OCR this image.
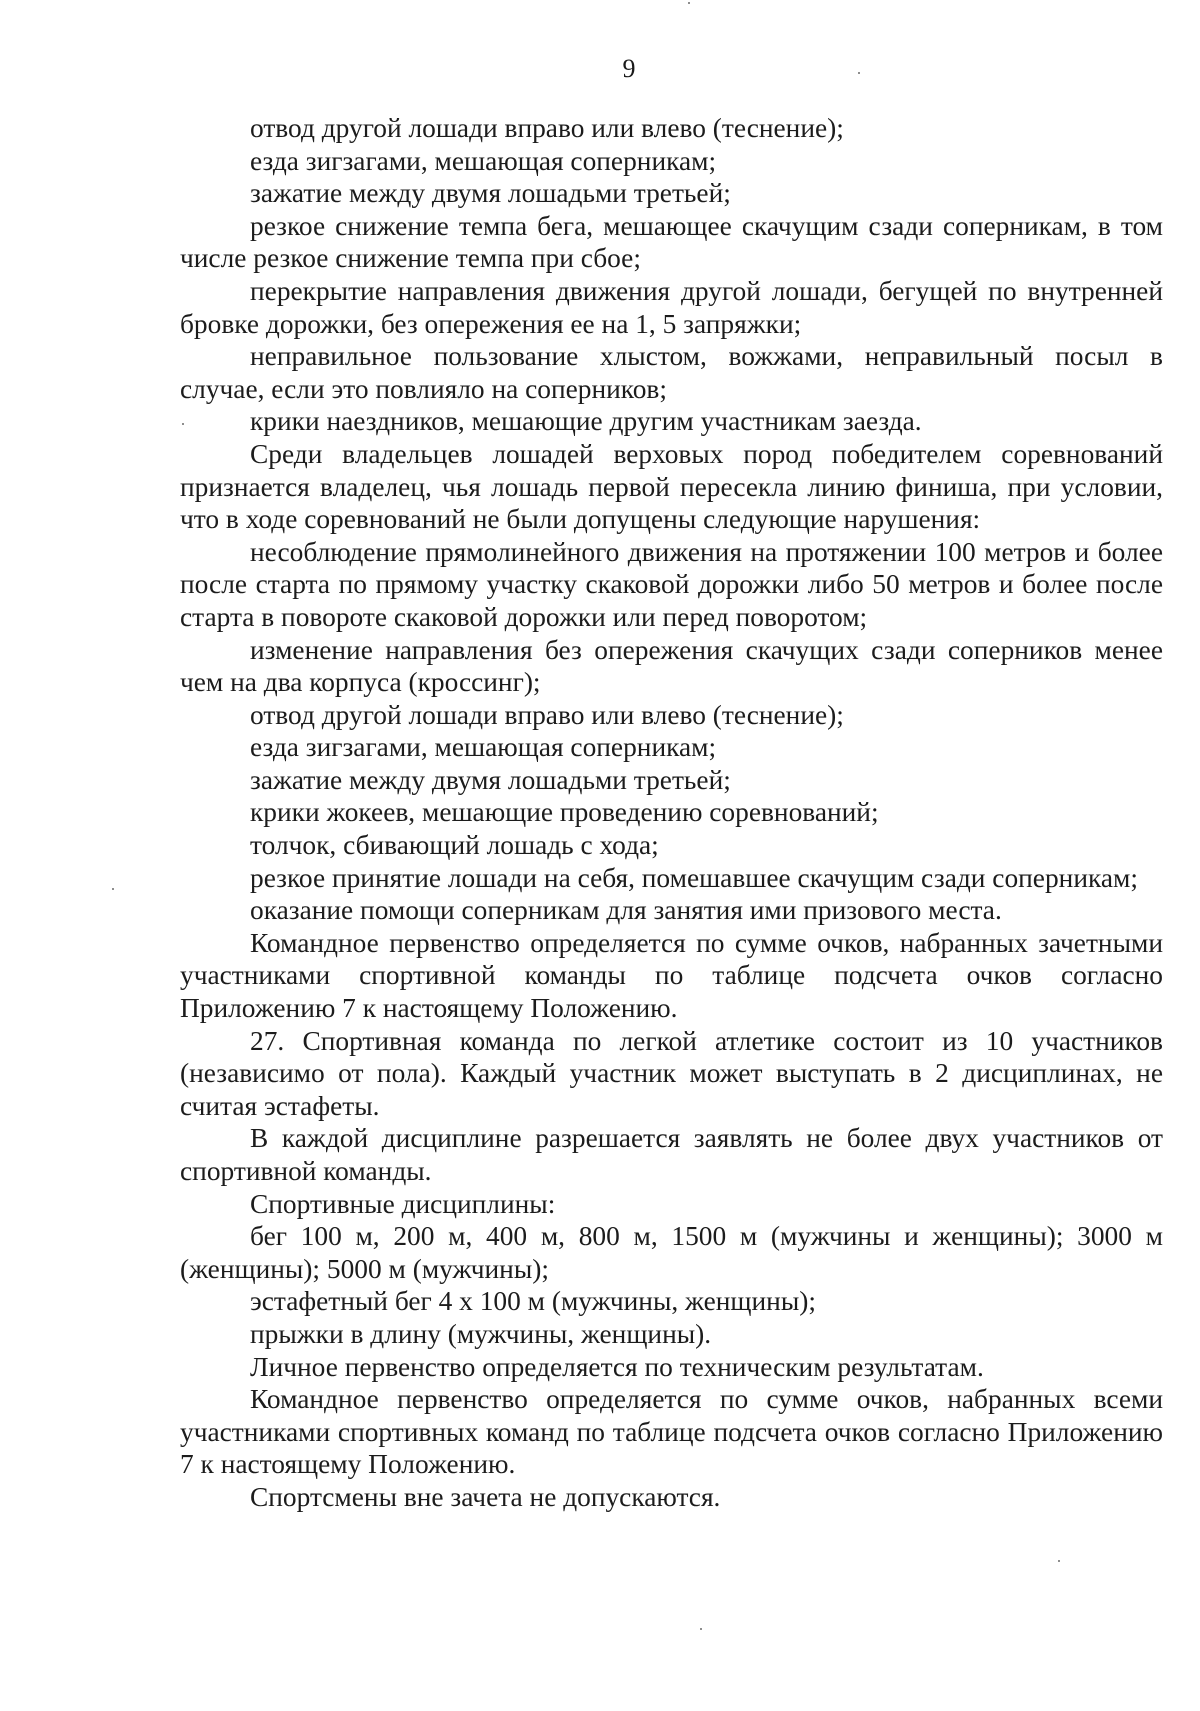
9

отвод другой лошади вправо или влево (теснение);

езда зигзагами, мешающая соперникам;

зажатие между двумя лошадьми третьей;

резкое снижение темпа бега, мешающее скачущим сзади соперникам, в том числе резкое снижение темпа при сбое;

перекрытие направления движения другой лошади, бегущей по внутренней бровке дорожки, без опережения ее на 1, 5 запряжки;

неправильное пользование хлыстом, вожжами, неправильный посыл в случае, если это повлияло на соперников;

крики наездников, мешающие другим участникам заезда.

Среди владельцев лошадей верховых пород победителем соревнований признается владелец, чья лошадь первой пересекла линию финиша, при условии, что в ходе соревнований не были допущены следующие нарушения:

несоблюдение прямолинейного движения на протяжении 100 метров и более после старта по прямому участку скаковой дорожки либо 50 метров и более после старта в повороте скаковой дорожки или перед поворотом;

изменение направления без опережения скачущих сзади соперников менее чем на два корпуса (кроссинг);

отвод другой лошади вправо или влево (теснение);

езда зигзагами, мешающая соперникам;

зажатие между двумя лошадьми третьей;

крики жокеев, мешающие проведению соревнований;

толчок, сбивающий лошадь с хода;

резкое принятие лошади на себя, помешавшее скачущим сзади соперникам;

оказание помощи соперникам для занятия ими призового места.

Командное первенство определяется по сумме очков, набранных зачетными участниками спортивной команды по таблице подсчета очков согласно Приложению 7 к настоящему Положению.

27. Спортивная команда по легкой атлетике состоит из 10 участников (независимо от пола). Каждый участник может выступать в 2 дисциплинах, не считая эстафеты.

В каждой дисциплине разрешается заявлять не более двух участников от спортивной команды.

Спортивные дисциплины:

бег 100 м, 200 м, 400 м, 800 м, 1500 м (мужчины и женщины); 3000 м (женщины); 5000 м (мужчины);

эстафетный бег 4 х 100 м (мужчины, женщины);

прыжки в длину (мужчины, женщины).

Личное первенство определяется по техническим результатам.

Командное первенство определяется по сумме очков, набранных всеми участниками спортивных команд по таблице подсчета очков согласно Приложению 7 к настоящему Положению.

Спортсмены вне зачета не допускаются.
